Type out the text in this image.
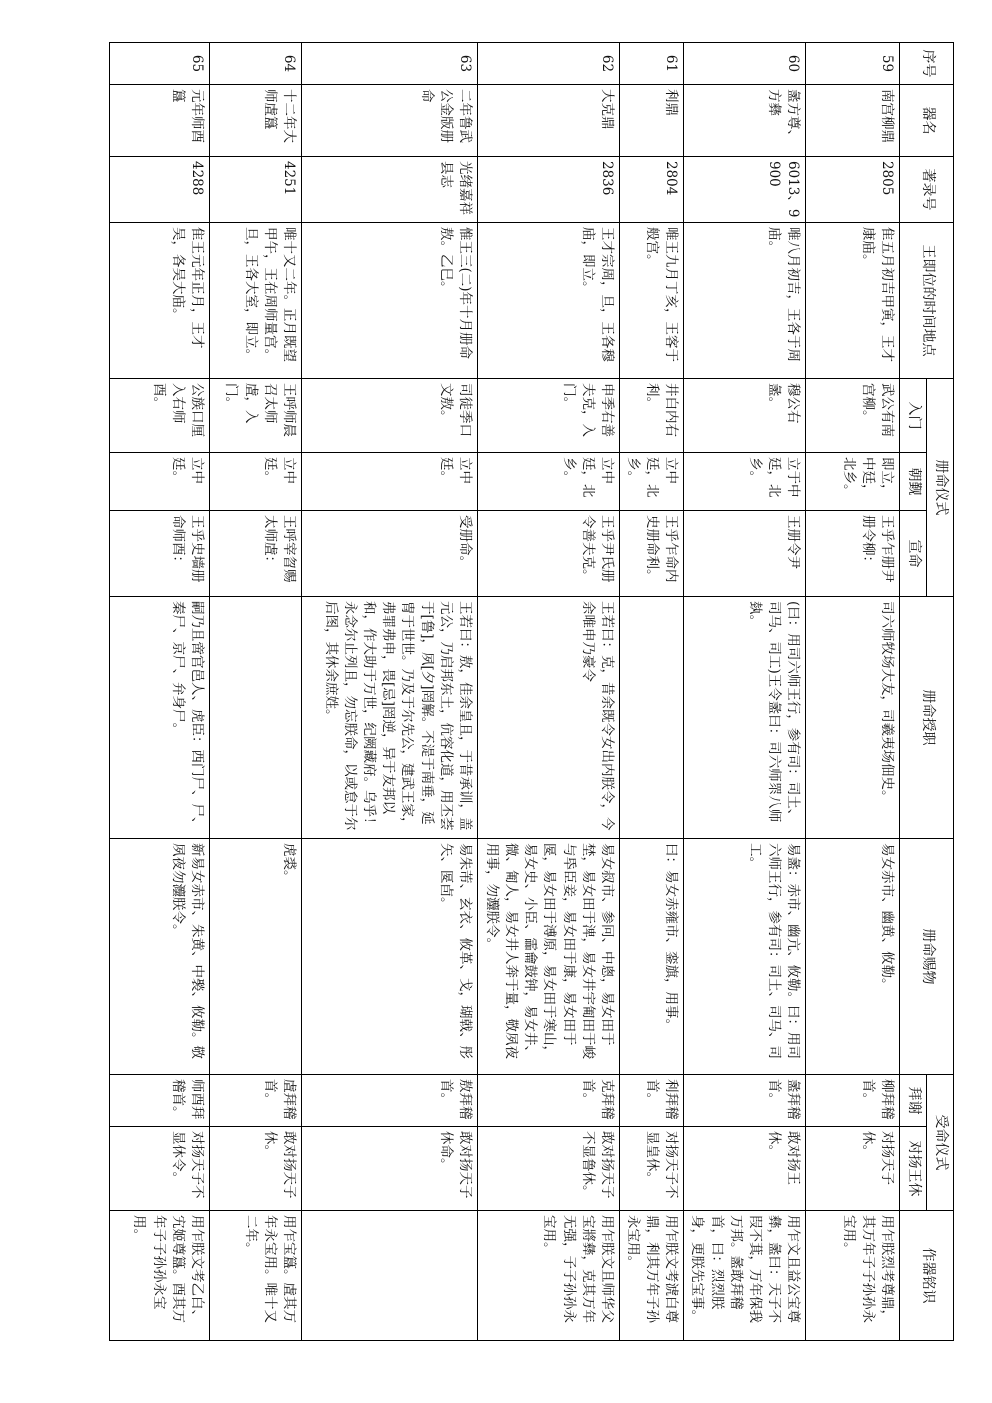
序号	器名	著录号	王即位的时间地点	册命仪式			册命授职	册命赐物	受命仪式		作器铭识
				入门	朝觐	宣命			拜谢	对扬王休	

59	南宫柳鼎	2805	隹五月初吉甲寅，王才康庙。	武公有南宫柳。	即立，中廷，北乡。	王乎乍册尹册令柳：	司六师牧场大友，司羲夷场佃史。	易女赤市、幽黄、攸勒。	柳拜稽首。	对扬天子休。	用乍朕烈考尊鼎，其万年子子孙孙永宝用。
60	盠方尊、方彝	6013、9900	唯八月初吉，王各于周庙。	穆公右盠。	立于中廷，北乡。	王册令尹	(曰：用司六师王行，参有司：司土、司马、司工)王令盠曰：司六师眔八师埶。	易盠：赤市、幽亢、攸勒。曰：用司六师王行，参有司：司土、司马、司工。	盠拜稽首。	敢对扬王休。	用乍文且益公宝尊彝，盠曰：天子不叚不萁，万年保我万邦。盠敢拜稽首，曰：烈烈朕身，更朕先宝事。
61	利鼎	2804	唯王九月丁亥，王客于般宫。	井白内右利。	立中廷，北乡。	王乎乍命内史册命利。		曰：易女赤雍市、銮旗，用事。	利拜稽首。	对扬天子不显皇休。	用乍朕文考淲白尊鼎，利其万年子孙永宝用。
62	大克鼎	2836	王才宗周，旦，王各穆庙，即立。	申季右善夫克，入门。	立中廷，北乡。	王乎尹氏册令善夫克。	王若曰：克，昔余既令女出内朕令，今余唯申乃豪令	易女叔市、参冋、中悤，易女田于埜，易女田于渒，易女井宇匍田于峻与氒臣妾，易女田于康，易女田于匽，易女田于溥原，易女田于寒山，易女史、小臣、霝龠鼓钟，易女井、微、匍人，易女井人奔于量，敬夙夜用事，勿灋朕令。	克拜稽首。	敢对扬天子不显鲁休。	用乍朕文且师华父宝將彝，克其万年无强，子子孙孙永宝用。
63	二年鲁武公金版册命	光绪嘉祥县志	惟王三(二)年十月册命敖。乙巳。	司徒季口文敖。	立中廷。	受册命。	王若曰：敖，佳余皇且，于昔承训，盖元公，乃启邦东土，伉容化道，用丕荟于[鲁]，夙[夕]罔解。不湜于南垂，延冑于世世。乃及于尔先公，建武王家，弗罪弗申，畏[忌]罔逆，异于友邦以和，作大助于万世，纪阙藏府。乌乎！永念尔止列且，勿忘朕命，以或怠于尔后图，其休余庶姓。	易朱芾、玄衣、攸革、戈，瑚戟、彤矢、匽卣。	敖拜稽首。	敢对扬天子休命。	
64	十二年大师虘簋	4251	唯十又二年。正月既望甲午，王在周师量宫。旦，王各大室，即立。	王呼师晨召太师虘，入门。	立中廷。	王呼宰曶赐太师虘：		虎裘。	虘拜稽首。	敢对扬天子休。	用乍宝簋。虘其万年永宝用。唯十又二年。
65	元年师酉簋	4288	隹王元年正月，王才吴，各吴大庙。	公族口厘入右师酉。	立中廷。	王乎史墙册命师酉：	嗣乃且啻官邑人、虎臣：西门尸、尸、秦尸、京尸、弁身尸。	新易女赤市、朱黄、中褧、攸勒。敬夙夜勿灋朕令。	师酉拜稽首。	对扬天子不显休令。	用乍朕文考乙白、宄姬尊簋。酉其万年子子孙孙永宝用。
